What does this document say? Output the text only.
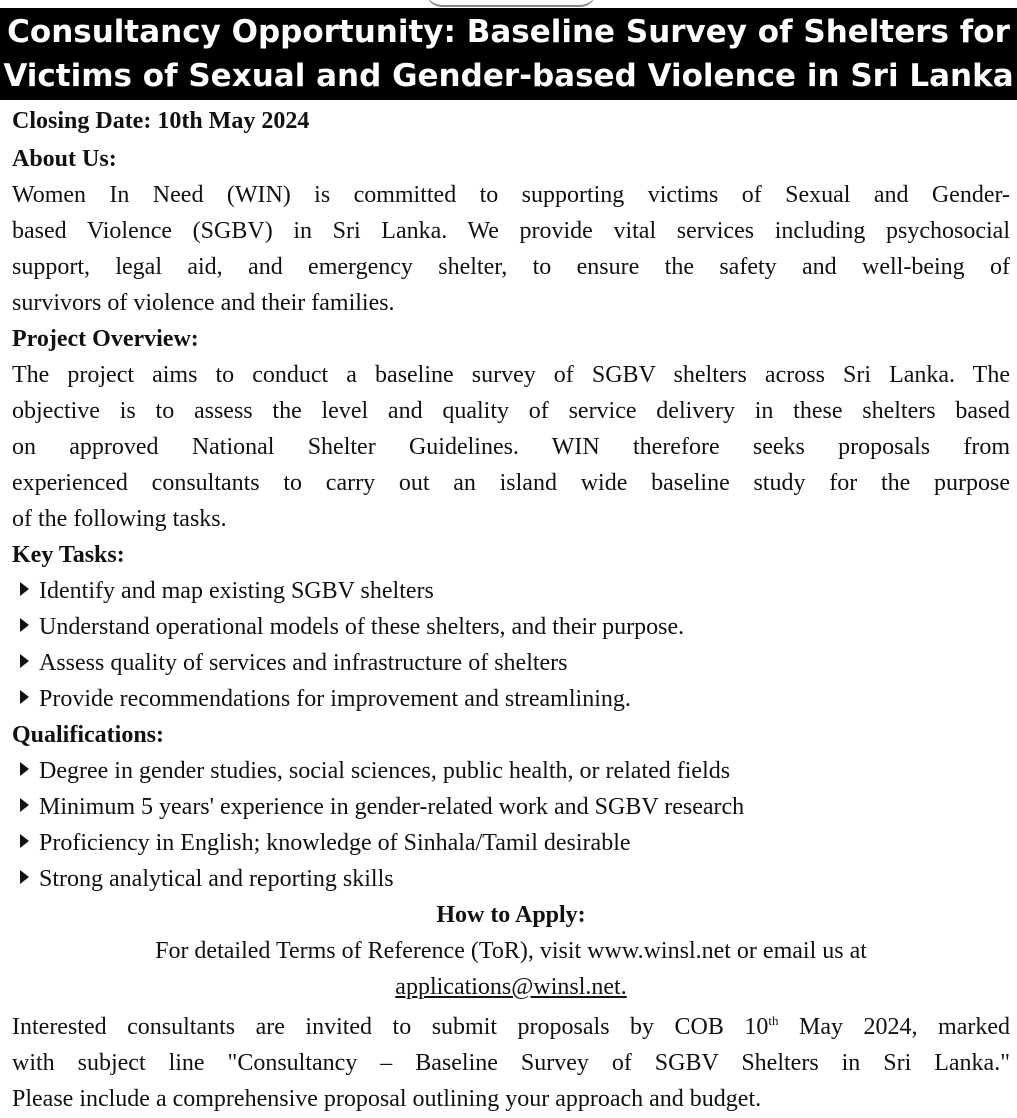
Consultancy Opportunity: Baseline Survey of Shelters for
Victims of Sexual and Gender-based Violence in Sri Lanka
Closing Date: 10th May 2024
About Us:
Women In Need (WIN) is committed to supporting victims of Sexual and Gender-
based Violence (SGBV) in Sri Lanka. We provide vital services including psychosocial
support, legal aid, and emergency shelter, to ensure the safety and well-being of
survivors of violence and their families.
Project Overview:
The project aims to conduct a baseline survey of SGBV shelters across Sri Lanka. The
objective is to assess the level and quality of service delivery in these shelters based
on approved National Shelter Guidelines. WIN therefore seeks proposals from
experienced consultants to carry out an island wide baseline study for the purpose
of the following tasks.
Key Tasks:
Identify and map existing SGBV shelters
Understand operational models of these shelters, and their purpose.
Assess quality of services and infrastructure of shelters
Provide recommendations for improvement and streamlining.
Qualifications:
Degree in gender studies, social sciences, public health, or related fields
Minimum 5 years' experience in gender-related work and SGBV research
Proficiency in English; knowledge of Sinhala/Tamil desirable
Strong analytical and reporting skills
How to Apply:
For detailed Terms of Reference (ToR), visit www.winsl.net or email us at
applications@winsl.net.
Interested consultants are invited to submit proposals by COB 10th May 2024, marked
with subject line "Consultancy – Baseline Survey of SGBV Shelters in Sri Lanka."
Please include a comprehensive proposal outlining your approach and budget.
